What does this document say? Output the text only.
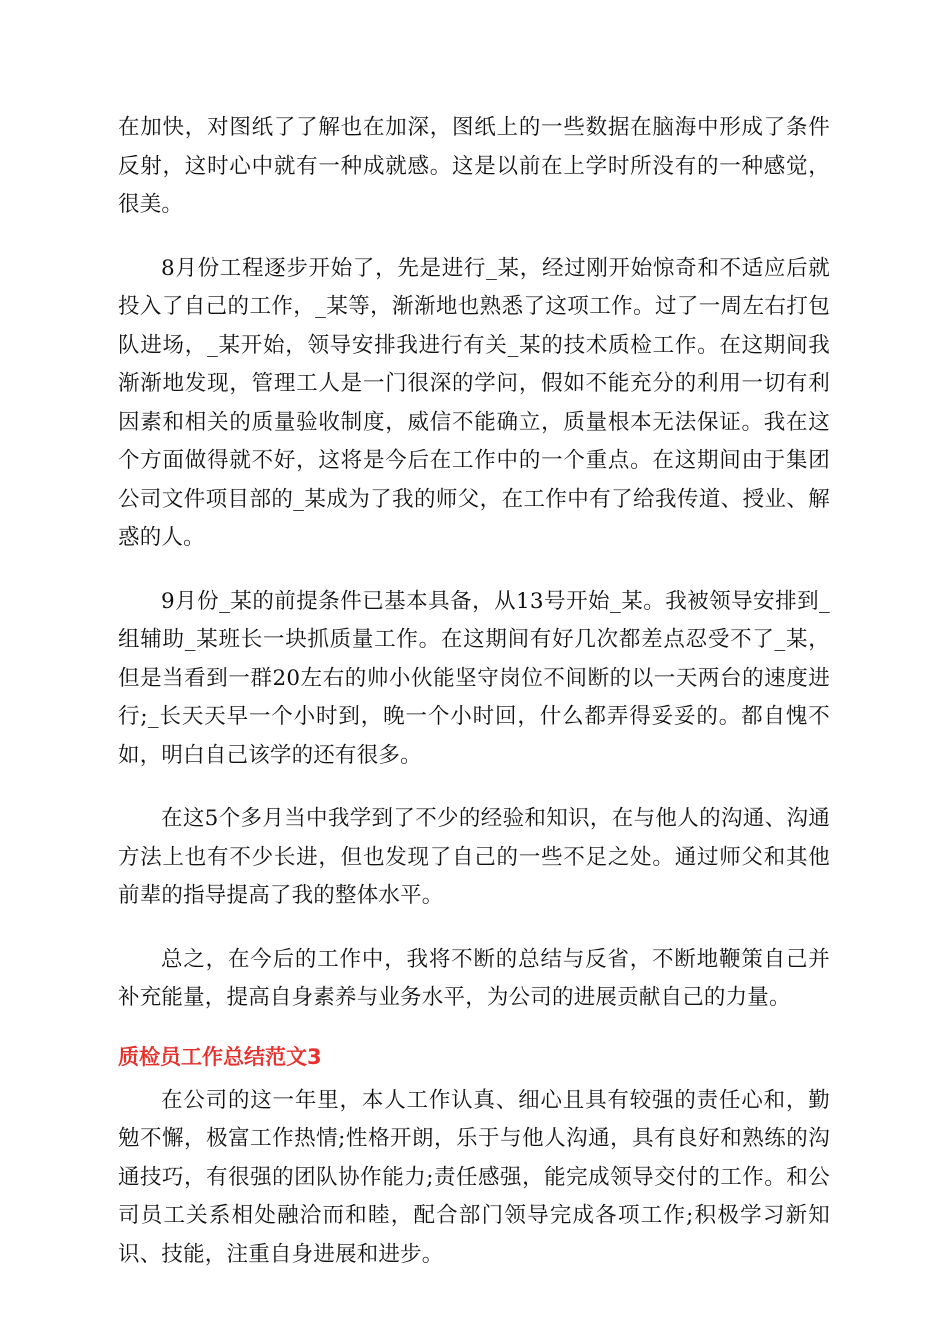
在加快，对图纸了了解也在加深，图纸上的一些数据在脑海中形成了条件反射，这时心中就有一种成就感。这是以前在上学时所没有的一种感觉，很美。

8月份工程逐步开始了，先是进行_某，经过刚开始惊奇和不适应后就投入了自己的工作，_某等，渐渐地也熟悉了这项工作。过了一周左右打包队进场，_某开始，领导安排我进行有关_某的技术质检工作。在这期间我渐渐地发现，管理工人是一门很深的学问，假如不能充分的利用一切有利因素和相关的质量验收制度，威信不能确立，质量根本无法保证。我在这个方面做得就不好，这将是今后在工作中的一个重点。在这期间由于集团公司文件项目部的_某成为了我的师父，在工作中有了给我传道、授业、解惑的人。

9月份_某的前提条件已基本具备，从13号开始_某。我被领导安排到_组辅助_某班长一块抓质量工作。在这期间有好几次都差点忍受不了_某，但是当看到一群20左右的帅小伙能坚守岗位不间断的以一天两台的速度进行;_长天天早一个小时到，晚一个小时回，什么都弄得妥妥的。都自愧不如，明白自己该学的还有很多。

在这5个多月当中我学到了不少的经验和知识，在与他人的沟通、沟通方法上也有不少长进，但也发现了自己的一些不足之处。通过师父和其他前辈的指导提高了我的整体水平。

总之，在今后的工作中，我将不断的总结与反省，不断地鞭策自己并补充能量，提高自身素养与业务水平，为公司的进展贡献自己的力量。

质检员工作总结范文3

在公司的这一年里，本人工作认真、细心且具有较强的责任心和，勤勉不懈，极富工作热情;性格开朗，乐于与他人沟通，具有良好和熟练的沟通技巧，有很强的团队协作能力;责任感强，能完成领导交付的工作。和公司员工关系相处融洽而和睦，配合部门领导完成各项工作;积极学习新知识、技能，注重自身进展和进步。
